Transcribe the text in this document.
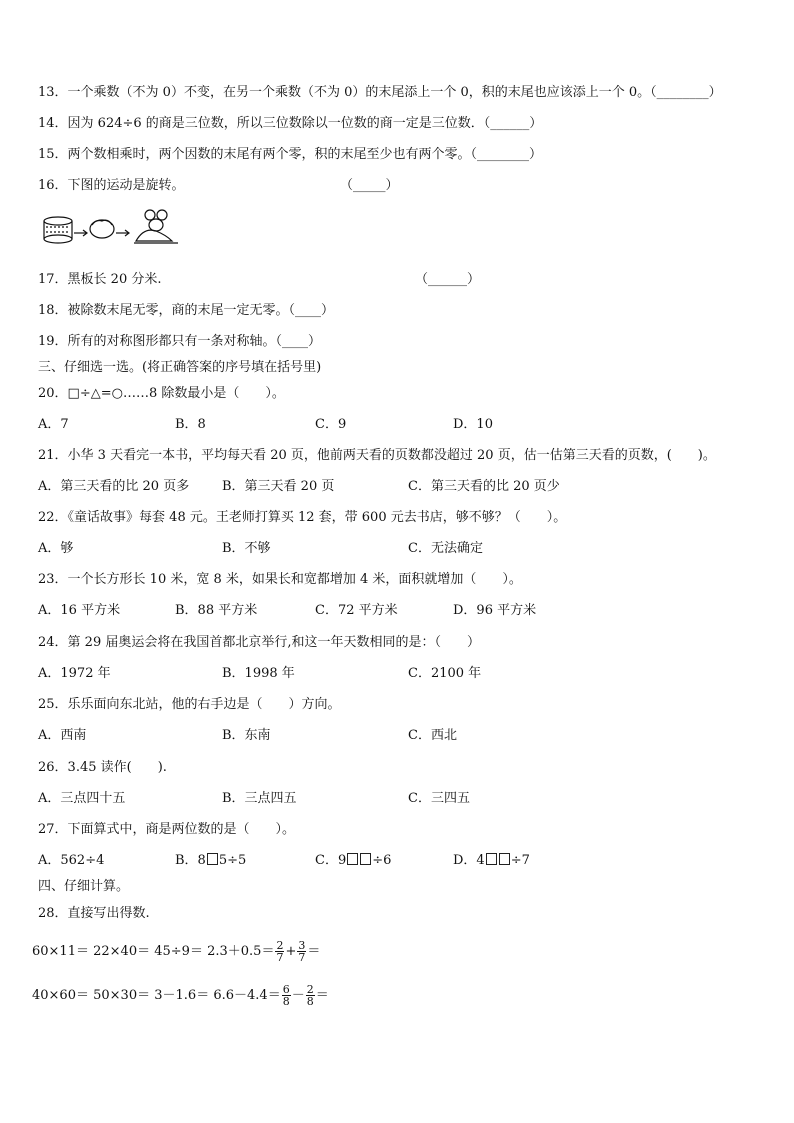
13．一个乘数（不为 0）不变，在另一个乘数（不为 0）的末尾添上一个 0，积的末尾也应该添上一个 0。（________）
14．因为 624÷6 的商是三位数，所以三位数除以一位数的商一定是三位数．（______）
15．两个数相乘时，两个因数的末尾有两个零，积的末尾至少也有两个零。（________）
16．下图的运动是旋转。	（_____）
17．黑板长 20 分米.	（______）
18．被除数末尾无零，商的末尾一定无零。（____）
19．所有的对称图形都只有一条对称轴。（____）
三、仔细选一选。(将正确答案的序号填在括号里)
20．□÷△=○……8 除数最小是（　　）。
A．7	B．8	C．9	D．10
21．小华 3 天看完一本书，平均每天看 20 页，他前两天看的页数都没超过 20 页，估一估第三天看的页数，(　　)。
A．第三天看的比 20 页多	B．第三天看 20 页	C．第三天看的比 20 页少
22．《童话故事》每套 48 元。王老师打算买 12 套，带 600 元去书店，够不够？（　　）。
A．够	B．不够	C．无法确定
23．一个长方形长 10 米，宽 8 米，如果长和宽都增加 4 米，面积就增加（　　）。
A．16 平方米	B．88 平方米	C．72 平方米	D．96 平方米
24．第 29 届奥运会将在我国首都北京举行,和这一年天数相同的是：（　　）
A．1972 年	B．1998 年	C．2100 年
25．乐乐面向东北站，他的右手边是（　　）方向。
A．西南	B．东南	C．西北
26．3.45 读作(　　).
A．三点四十五	B．三点四五	C．三四五
27．下面算式中，商是两位数的是（　　）。
A．562÷4	B．8 5÷5	C．9 ÷6	D．4 ÷7
四、仔细计算。
28．直接写出得数.
$60\times 11= 22\times 40= 45\div 9= 2.3+0.5= \frac{2}{7} + \frac{3}{7}$ ＝
$40\times 60= 50\times 30= 3-1.6= 6.6-4.4= \frac{6}{8} - \frac{2}{8}$ ＝
